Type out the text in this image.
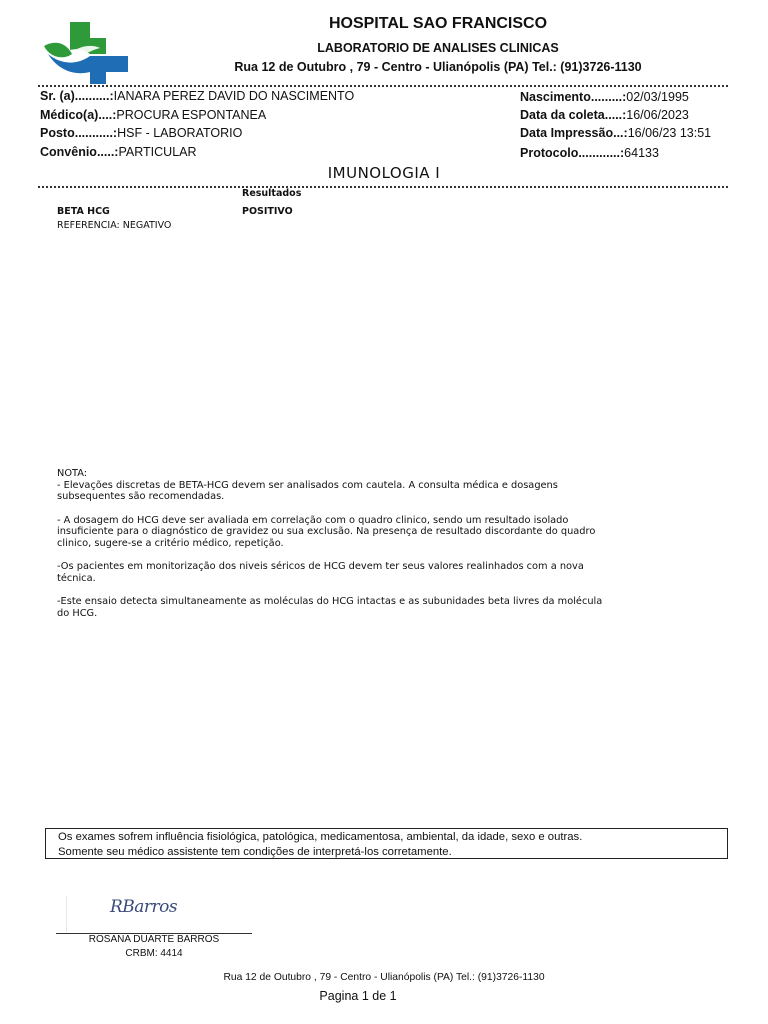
HOSPITAL SAO FRANCISCO
LABORATORIO DE ANALISES CLINICAS
Rua 12 de Outubro , 79 - Centro - Ulianópolis (PA) Tel.: (91)3726-1130
Sr. (a)..........:IANARA PEREZ DAVID DO NASCIMENTO
Médico(a)....:PROCURA ESPONTANEA
Posto...........:HSF - LABORATORIO
Convênio.....:PARTICULAR
Nascimento.........:02/03/1995
Data da coleta.....:16/06/2023
Data Impressão...:16/06/23 13:51
Protocolo............:64133
IMUNOLOGIA I
Resultados
BETA HCG	POSITIVO
REFERENCIA: NEGATIVO

NOTA:

- Elevações discretas de BETA-HCG devem ser analisados com cautela. A consulta médica e dosagens subsequentes são recomendadas.

- A dosagem do HCG deve ser avaliada em correlação com o quadro clinico, sendo um resultado isolado insuficiente para o diagnóstico de gravidez ou sua exclusão. Na presença de resultado discordante do quadro clinico, sugere-se a critério médico, repetição.

-Os pacientes em monitorização dos niveis séricos de HCG devem ter seus valores realinhados com a nova técnica.

-Este ensaio detecta simultaneamente as moléculas do HCG intactas e as subunidades beta livres da molécula do HCG.

Os exames sofrem influência fisiológica, patológica, medicamentosa, ambiental, da idade, sexo e outras.
Somente seu médico assistente tem condições de interpretá-los corretamente.
RBarros
ROSANA DUARTE BARROS
CRBM: 4414
Rua 12 de Outubro , 79 - Centro - Ulianópolis (PA) Tel.: (91)3726-1130
Pagina 1 de 1
